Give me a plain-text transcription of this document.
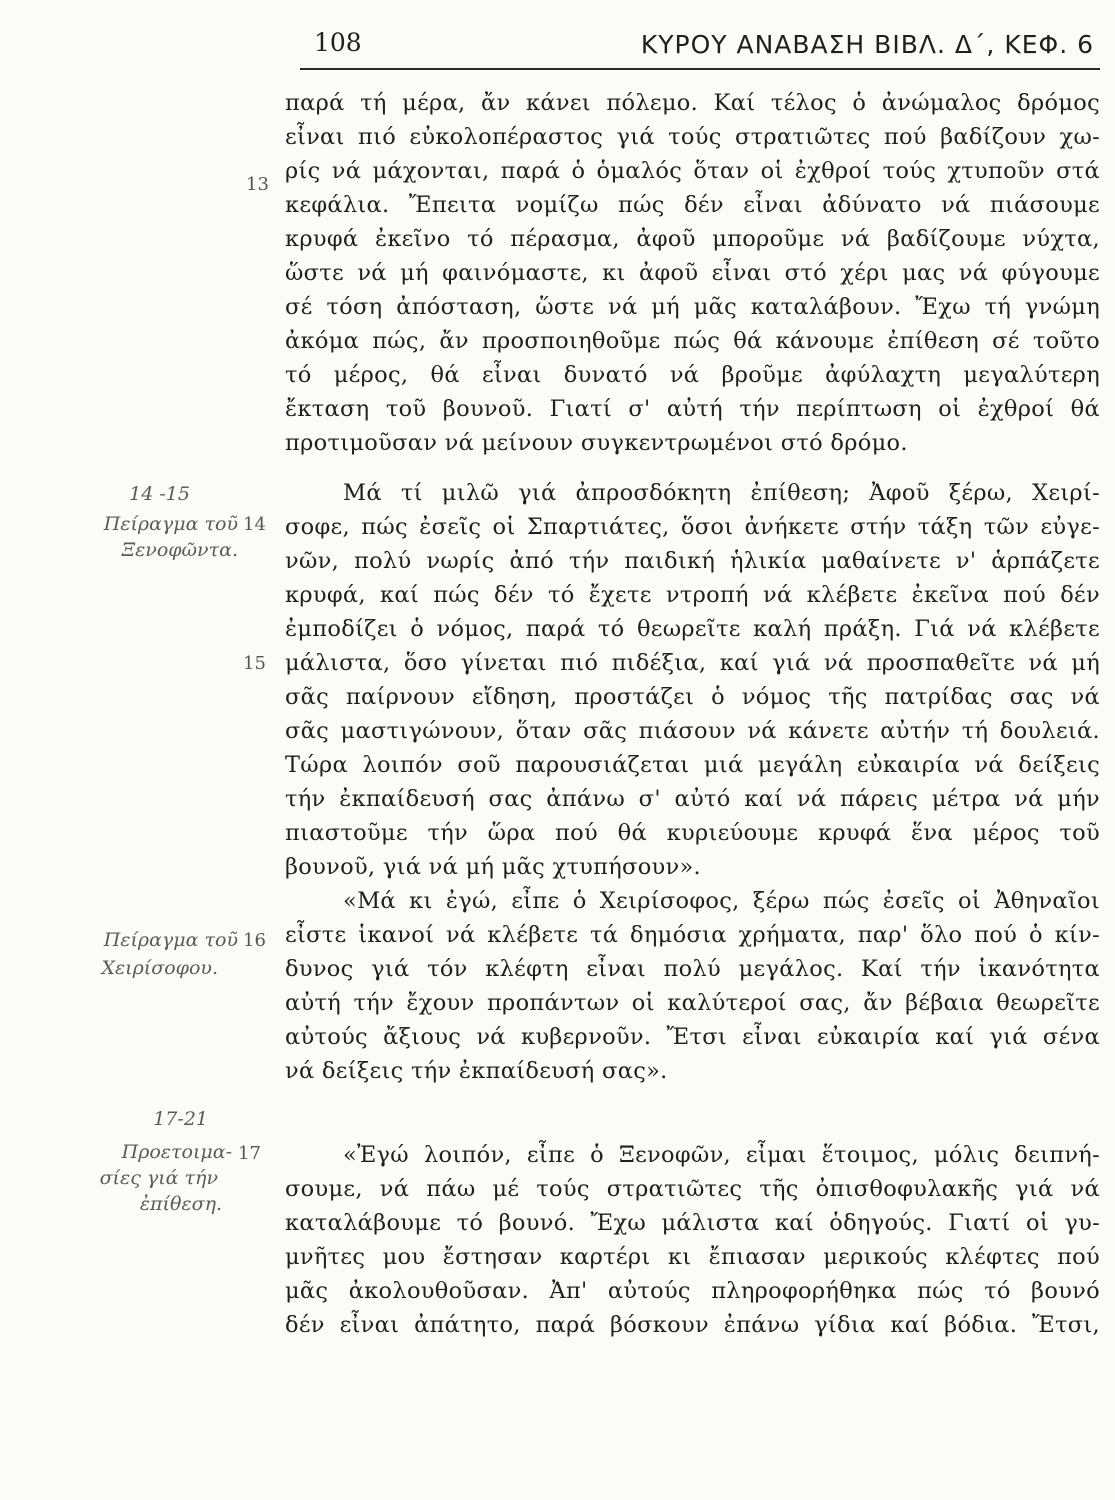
108	ΚΥΡΟΥ ΑΝΑΒΑΣΗ ΒΙΒΛ. Δ΄, ΚΕΦ. 6
13
14
15
16
17
14 -15
Πείραγμα τοῦ
Ξενοφῶντα.
Πείραγμα τοῦ
Χειρίσοφου.
17-21
Προετοιμα-
σίες γιά τήν
ἐπίθεση.
παρά τή μέρα, ἄν κάνει πόλεμο. Καί τέλος ὁ ἀνώμαλος δρόμος
εἶναι πιό εὐκολοπέραστος γιά τούς στρατιῶτες πού βαδίζουν χω-
ρίς νά μάχονται, παρά ὁ ὁμαλός ὅταν οἱ ἐχθροί τούς χτυποῦν στά
κεφάλια. Ἔπειτα νομίζω πώς δέν εἶναι ἀδύνατο νά πιάσουμε
κρυφά ἐκεῖνο τό πέρασμα, ἀφοῦ μποροῦμε νά βαδίζουμε νύχτα,
ὥστε νά μή φαινόμαστε, κι ἀφοῦ εἶναι στό χέρι μας νά φύγουμε
σέ τόση ἀπόσταση, ὥστε νά μή μᾶς καταλάβουν. Ἔχω τή γνώμη
ἀκόμα πώς, ἄν προσποιηθοῦμε πώς θά κάνουμε ἐπίθεση σέ τοῦτο
τό μέρος, θά εἶναι δυνατό νά βροῦμε ἀφύλαχτη μεγαλύτερη
ἔκταση τοῦ βουνοῦ. Γιατί σ' αὐτή τήν περίπτωση οἱ ἐχθροί θά
προτιμοῦσαν νά μείνουν συγκεντρωμένοι στό δρόμο.
Μά τί μιλῶ γιά ἀπροσδόκητη ἐπίθεση; Ἀφοῦ ξέρω, Χειρί-
σοφε, πώς ἐσεῖς οἱ Σπαρτιάτες, ὅσοι ἀνήκετε στήν τάξη τῶν εὐγε-
νῶν, πολύ νωρίς ἀπό τήν παιδική ἡλικία μαθαίνετε ν' ἁρπάζετε
κρυφά, καί πώς δέν τό ἔχετε ντροπή νά κλέβετε ἐκεῖνα πού δέν
ἐμποδίζει ὁ νόμος, παρά τό θεωρεῖτε καλή πράξη. Γιά νά κλέβετε
μάλιστα, ὅσο γίνεται πιό πιδέξια, καί γιά νά προσπαθεῖτε νά μή
σᾶς παίρνουν εἴδηση, προστάζει ὁ νόμος τῆς πατρίδας σας νά
σᾶς μαστιγώνουν, ὅταν σᾶς πιάσουν νά κάνετε αὐτήν τή δουλειά.
Τώρα λοιπόν σοῦ παρουσιάζεται μιά μεγάλη εὐκαιρία νά δείξεις
τήν ἐκπαίδευσή σας ἀπάνω σ' αὐτό καί νά πάρεις μέτρα νά μήν
πιαστοῦμε τήν ὥρα πού θά κυριεύουμε κρυφά ἕνα μέρος τοῦ
βουνοῦ, γιά νά μή μᾶς χτυπήσουν».
«Μά κι ἐγώ, εἶπε ὁ Χειρίσοφος, ξέρω πώς ἐσεῖς οἱ Ἀθηναῖοι
εἶστε ἱκανοί νά κλέβετε τά δημόσια χρήματα, παρ' ὅλο πού ὁ κίν-
δυνος γιά τόν κλέφτη εἶναι πολύ μεγάλος. Καί τήν ἱκανότητα
αὐτή τήν ἔχουν προπάντων οἱ καλύτεροί σας, ἄν βέβαια θεωρεῖτε
αὐτούς ἄξιους νά κυβερνοῦν. Ἔτσι εἶναι εὐκαιρία καί γιά σένα
νά δείξεις τήν ἐκπαίδευσή σας».
«Ἐγώ λοιπόν, εἶπε ὁ Ξενοφῶν, εἶμαι ἕτοιμος, μόλις δειπνή-
σουμε, νά πάω μέ τούς στρατιῶτες τῆς ὀπισθοφυλακῆς γιά νά
καταλάβουμε τό βουνό. Ἔχω μάλιστα καί ὁδηγούς. Γιατί οἱ γυ-
μνῆτες μου ἔστησαν καρτέρι κι ἔπιασαν μερικούς κλέφτες πού
μᾶς ἀκολουθοῦσαν. Ἀπ' αὐτούς πληροφορήθηκα πώς τό βουνό
δέν εἶναι ἀπάτητο, παρά βόσκουν ἐπάνω γίδια καί βόδια. Ἔτσι,
